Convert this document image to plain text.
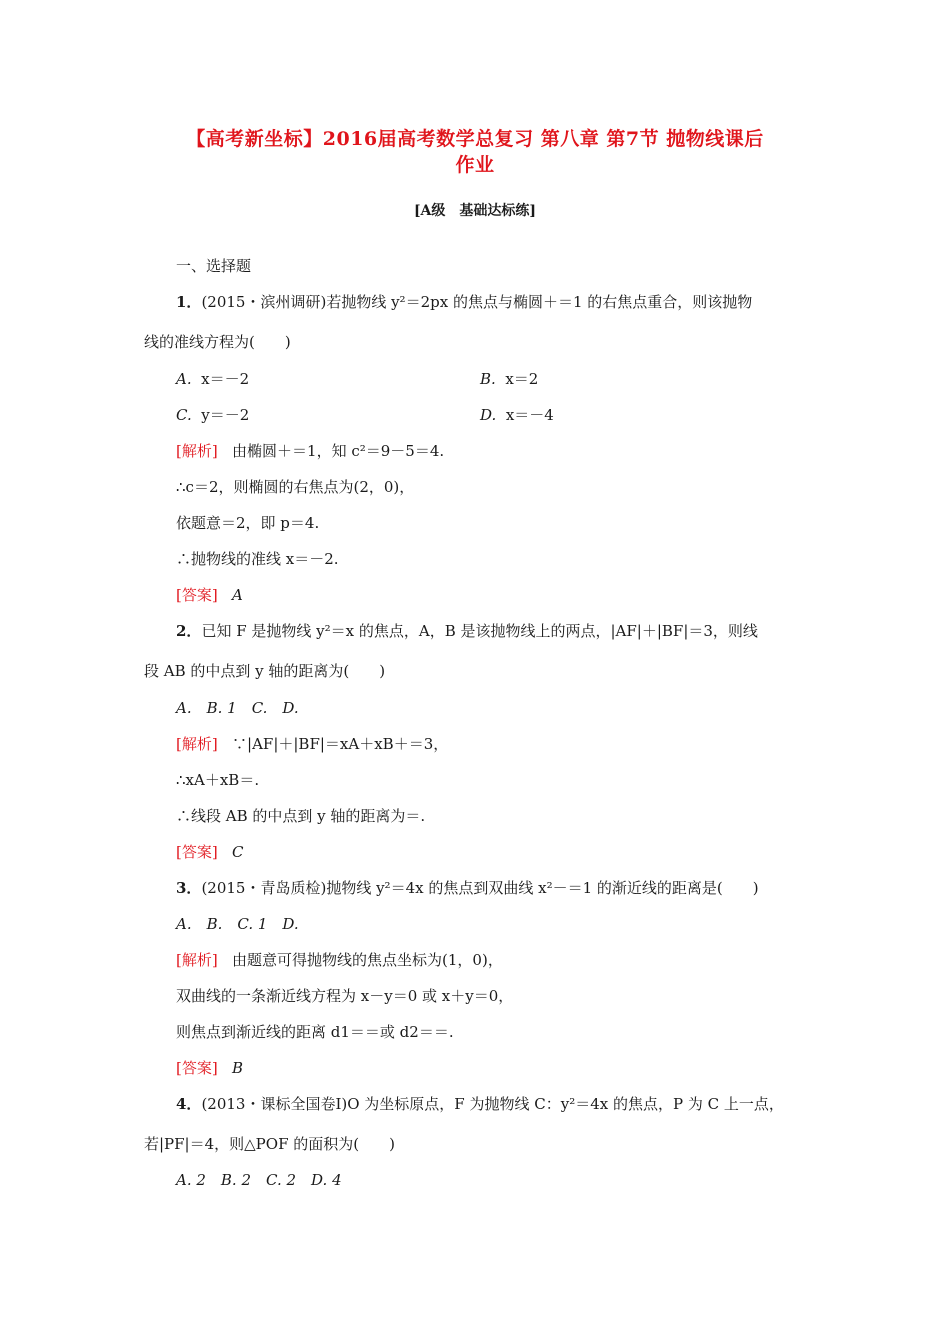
【高考新坐标】2016届高考数学总复习 第八章 第7节 抛物线课后
作业
[A级　基础达标练]
一、选择题
1．(2015・滨州调研)若抛物线 y²＝2px 的焦点与椭圆＋＝1 的右焦点重合，则该抛物
线的准线方程为(　　)
A. x＝－2	B. x＝2
C. y＝－2	D. x＝－4
[解析] 由椭圆＋＝1，知 c²＝9－5＝4.
∴c＝2，则椭圆的右焦点为(2，0)，
依题意＝2，即 p＝4.
∴抛物线的准线 x＝－2.
[答案] A
2．已知 F 是抛物线 y²＝x 的焦点，A，B 是该抛物线上的两点，|AF|＋|BF|＝3，则线
段 AB 的中点到 y 轴的距离为(　　)
A.　B. 1　C.　D.
[解析] ∵|AF|＋|BF|＝xA＋xB＋＝3，
∴xA＋xB＝.
∴线段 AB 的中点到 y 轴的距离为＝.
[答案] C
3．(2015・青岛质检)抛物线 y²＝4x 的焦点到双曲线 x²－＝1 的渐近线的距离是(　　)
A.　B.　C. 1　D.
[解析] 由题意可得抛物线的焦点坐标为(1，0)，
双曲线的一条渐近线方程为 x－y＝0 或 x＋y＝0，
则焦点到渐近线的距离 d1＝＝或 d2＝＝.
[答案] B
4．(2013・课标全国卷Ⅰ)O 为坐标原点，F 为抛物线 C：y²＝4x 的焦点，P 为 C 上一点，
若|PF|＝4，则△POF 的面积为(　　)
A. 2　B. 2　C. 2　D. 4
